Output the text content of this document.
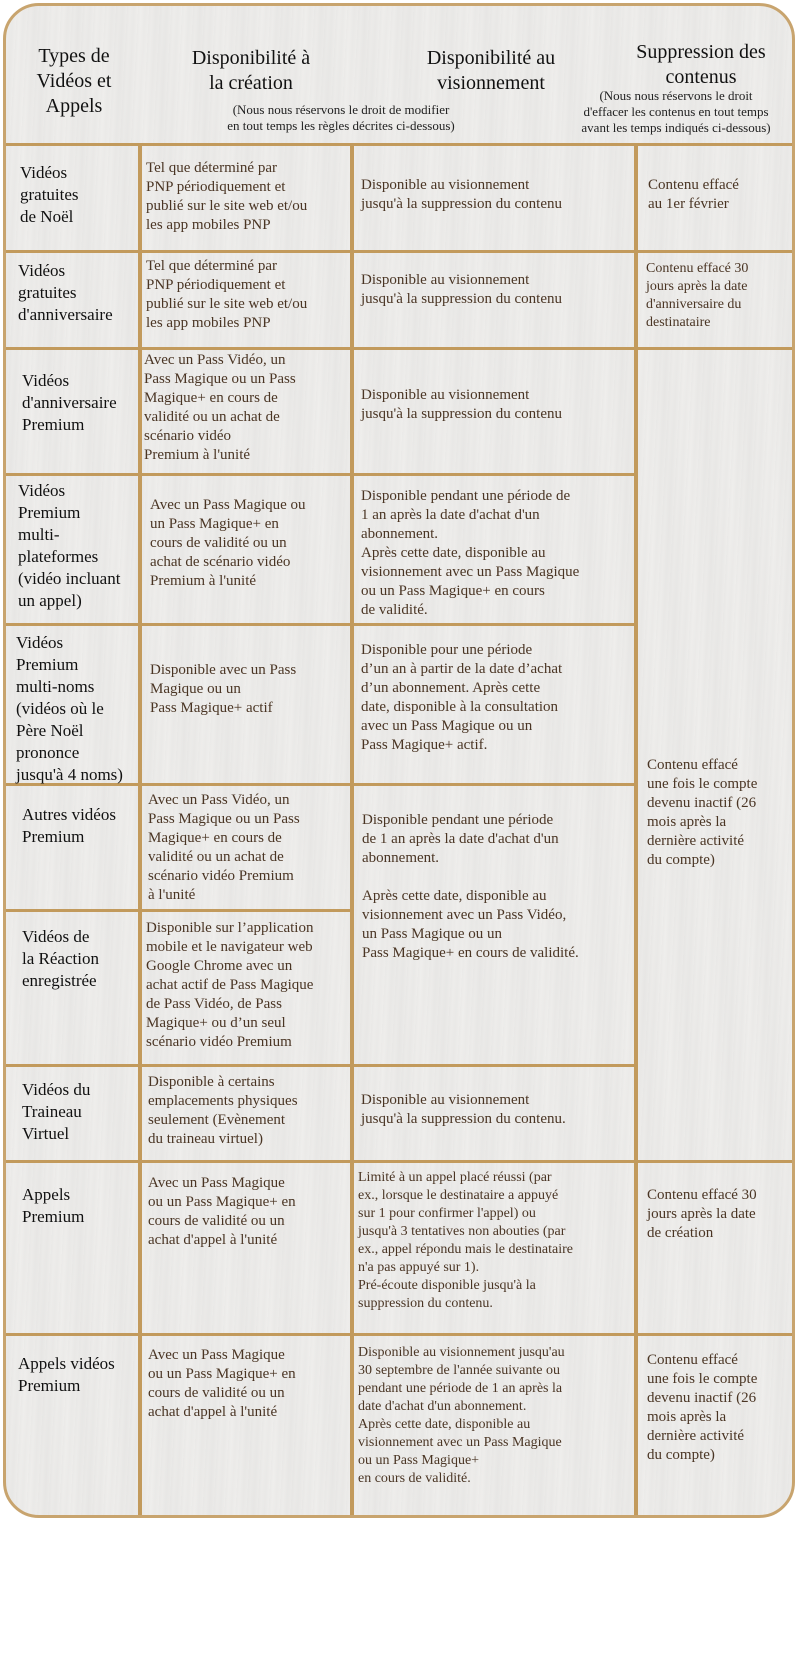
Types de
Vidéos et
Appels
Disponibilité à
la création
(Nous nous réservons le droit de modifier
en tout temps les règles décrites ci-dessous)
Disponibilité au
visionnement
Suppression des
contenus
(Nous nous réservons le droit
d'effacer les contenus en tout temps
avant les temps indiqués ci-dessous)
Vidéos
gratuites
de Noël
Tel que déterminé par
PNP périodiquement et
publié sur le site web et/ou
les app mobiles PNP
Disponible au visionnement
jusqu'à la suppression du contenu
Contenu effacé
au 1er février
Vidéos
gratuites
d'anniversaire
Tel que déterminé par
PNP périodiquement et
publié sur le site web et/ou
les app mobiles PNP
Disponible au visionnement
jusqu'à la suppression du contenu
Contenu effacé 30
jours après la date
d'anniversaire du
destinataire
Vidéos
d'anniversaire
Premium
Avec un Pass Vidéo, un
Pass Magique ou un Pass
Magique+ en cours de
validité ou un achat de
scénario vidéo
Premium à l'unité
Disponible au visionnement
jusqu'à la suppression du contenu
Vidéos
Premium
multi-
plateformes
(vidéo incluant
un appel)
Avec un Pass Magique ou
un Pass Magique+ en
cours de validité ou un
achat de scénario vidéo
Premium à l'unité
Disponible pendant une période de
1 an après la date d'achat d'un
abonnement.
Après cette date, disponible au
visionnement avec un Pass Magique
ou un Pass Magique+ en cours
de validité.
Vidéos
Premium
multi-noms
(vidéos où le
Père Noël
prononce
jusqu'à 4 noms)
Disponible avec un Pass
Magique ou un
Pass Magique+ actif
Disponible pour une période
d’un an à partir de la date d’achat
d’un abonnement. Après cette
date, disponible à la consultation
avec un Pass Magique ou un
Pass Magique+ actif.
Autres vidéos
Premium
Avec un Pass Vidéo, un
Pass Magique ou un Pass
Magique+ en cours de
validité ou un achat de
scénario vidéo Premium
à l'unité
Vidéos de
la Réaction
enregistrée
Disponible sur l’application
mobile et le navigateur web
Google Chrome avec un
achat actif de Pass Magique
de Pass Vidéo, de Pass
Magique+ ou d’un seul
scénario vidéo Premium
Disponible pendant une période
de 1 an après la date d'achat d'un
abonnement.

Après cette date, disponible au
visionnement avec un Pass Vidéo,
un Pass Magique ou un
Pass Magique+ en cours de validité.
Vidéos du
Traineau
Virtuel
Disponible à certains
emplacements physiques
seulement (Evènement
du traineau virtuel)
Disponible au visionnement
jusqu'à la suppression du contenu.
Contenu effacé
une fois le compte
devenu inactif (26
mois après la
dernière activité
du compte)
Appels
Premium
Avec un Pass Magique
ou un Pass Magique+ en
cours de validité ou un
achat d'appel à l'unité
Limité à un appel placé réussi (par
ex., lorsque le destinataire a appuyé
sur 1 pour confirmer l'appel) ou
jusqu'à 3 tentatives non abouties (par
ex., appel répondu mais le destinataire
n'a pas appuyé sur 1).
Pré-écoute disponible jusqu'à la
suppression du contenu.
Contenu effacé 30
jours après la date
de création
Appels vidéos
Premium
Avec un Pass Magique
ou un Pass Magique+ en
cours de validité ou un
achat d'appel à l'unité
Disponible au visionnement jusqu'au
30 septembre de l'année suivante ou
pendant une période de 1 an après la
date d'achat d'un abonnement.
Après cette date, disponible au
visionnement avec un Pass Magique
ou un Pass Magique+
en cours de validité.
Contenu effacé
une fois le compte
devenu inactif (26
mois après la
dernière activité
du compte)
